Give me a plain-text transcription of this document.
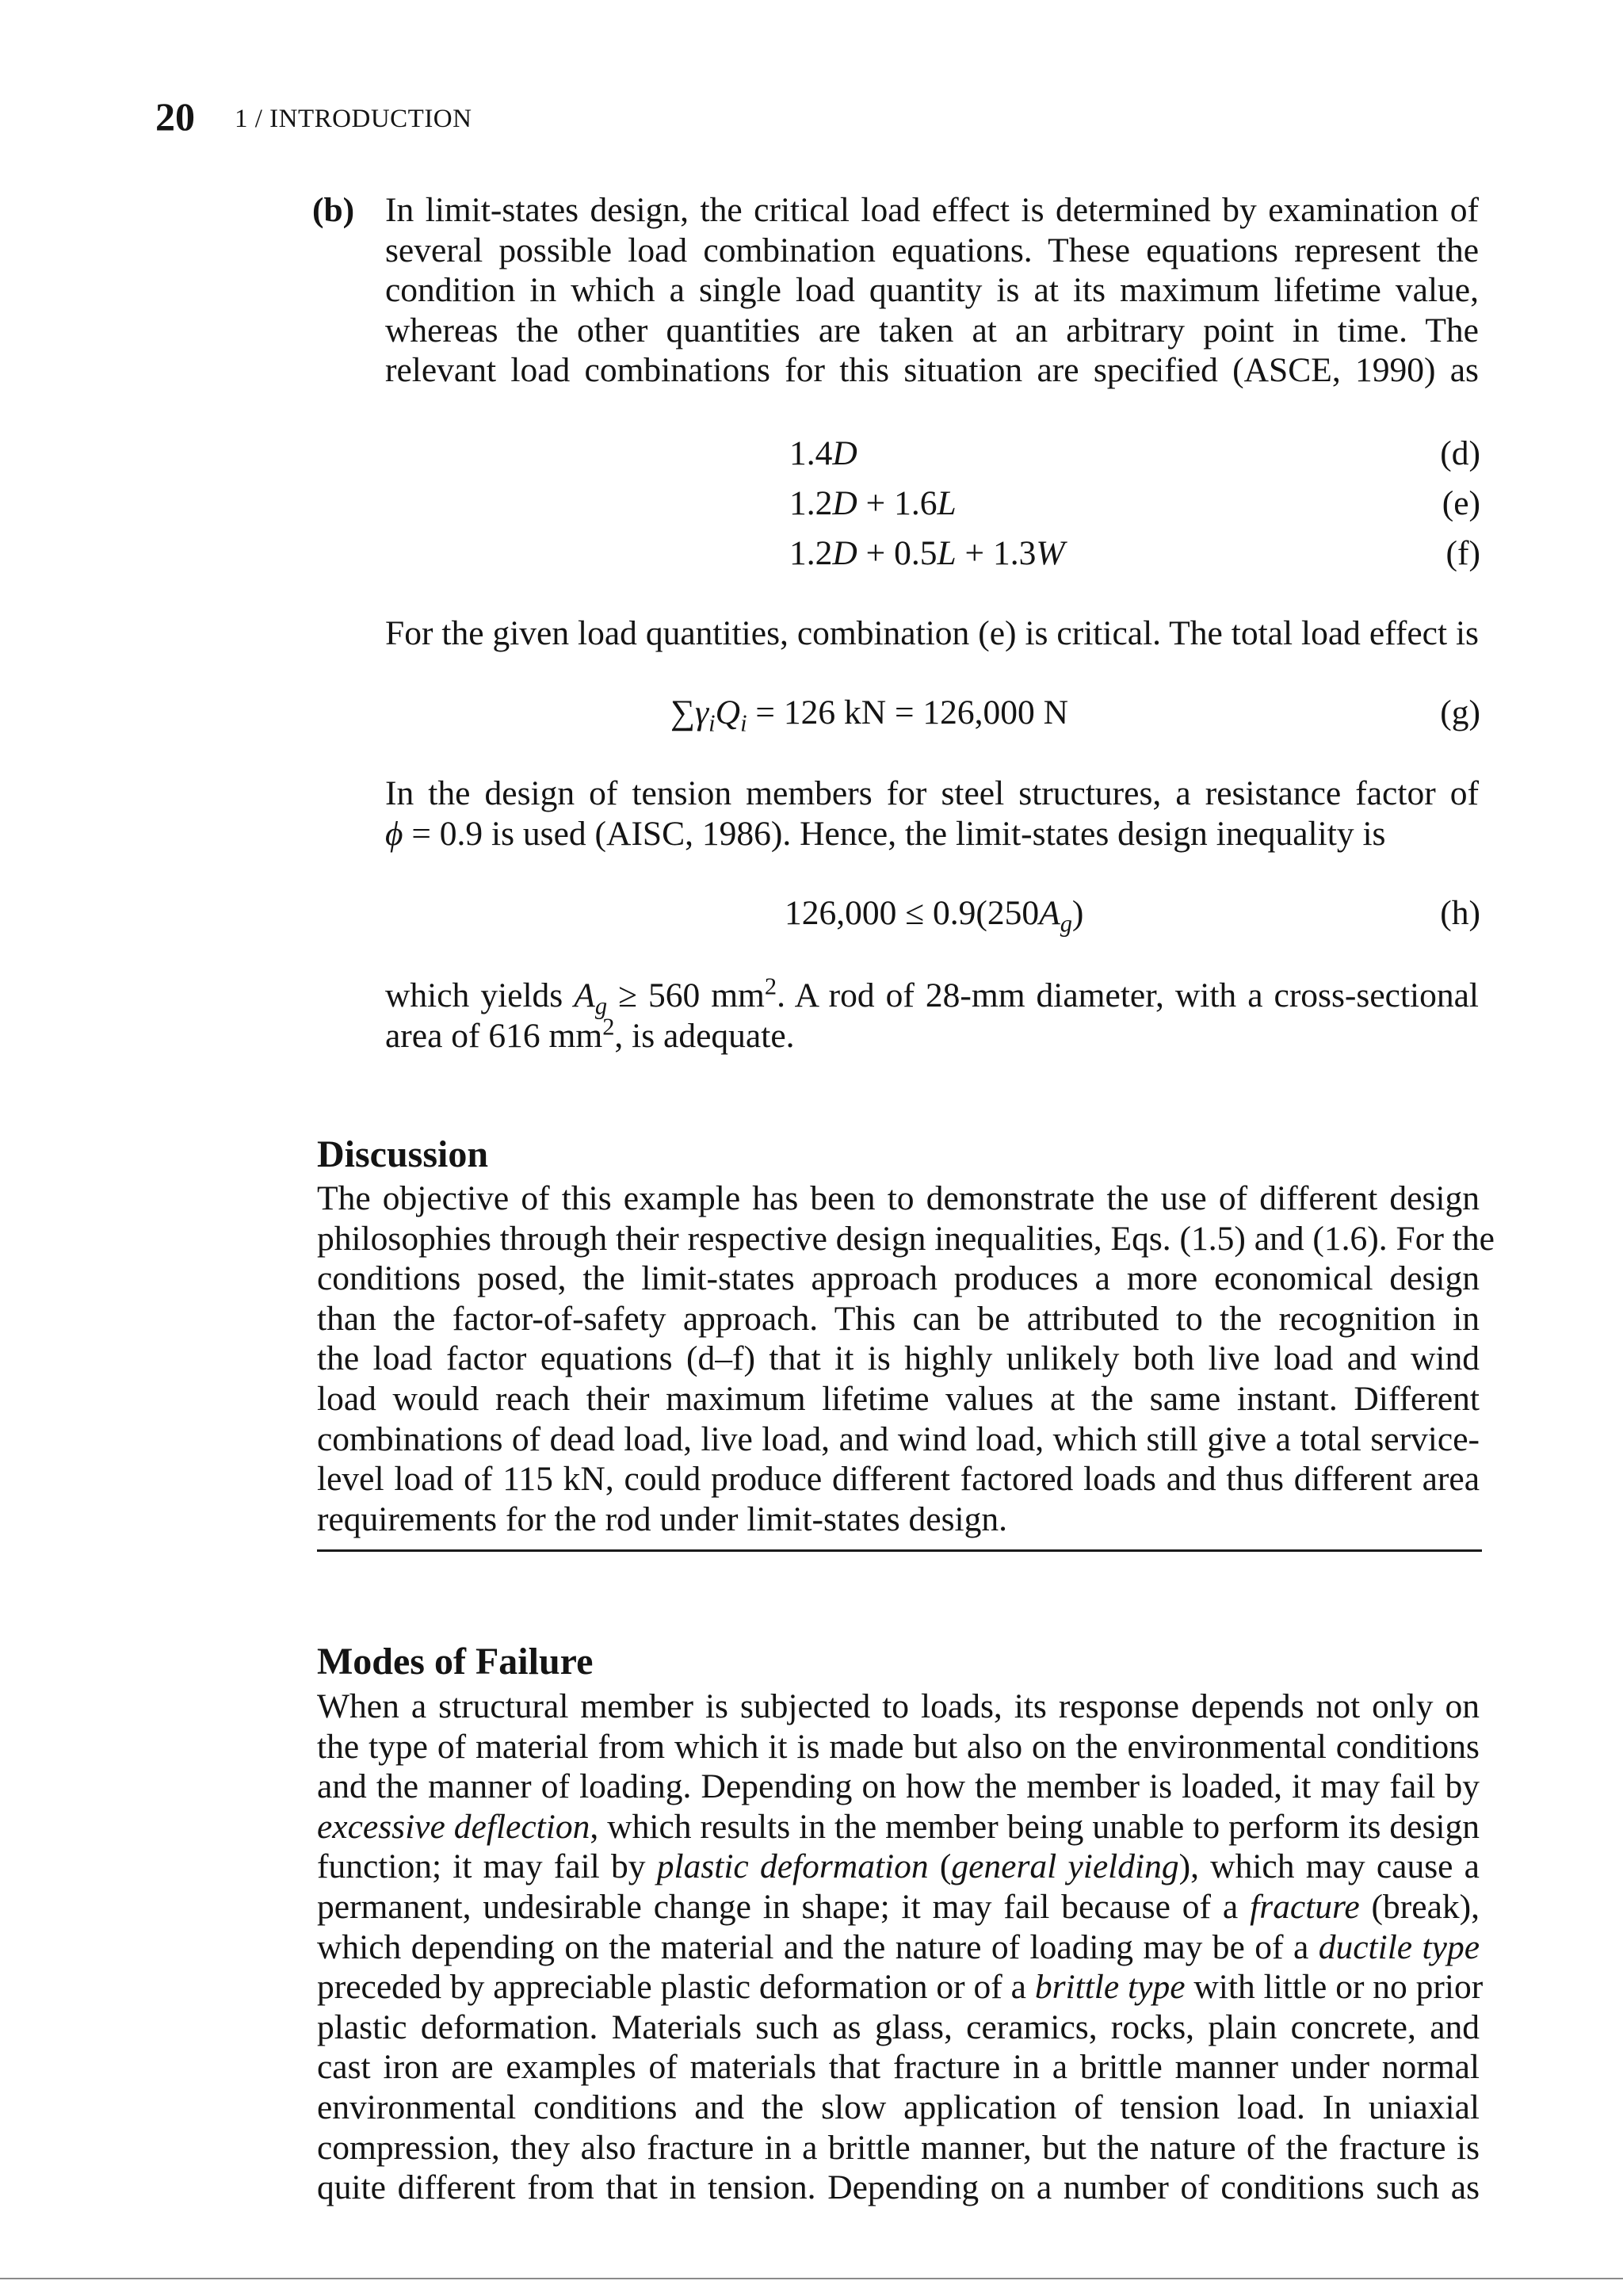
20 1 / INTRODUCTION
(b) In limit-states design, the critical load effect is determined by examination of
several possible load combination equations. These equations represent the
condition in which a single load quantity is at its maximum lifetime value,
whereas the other quantities are taken at an arbitrary point in time. The
relevant load combinations for this situation are specified (ASCE, 1990) as
1.4D	(d)
1.2D + 1.6L	(e)
1.2D + 0.5L + 1.3W	(f)
For the given load quantities, combination (e) is critical. The total load effect is
$\sum\gamma_iQ_i = 126$ kN = 126,000 N	(g)
In the design of tension members for steel structures, a resistance factor of
ϕ = 0.9 is used (AISC, 1986). Hence, the limit-states design inequality is
$126,000 \le 0.9(250A_g)$	(h)
which yields $A_g \ge 560$ $mm^2$. A rod of 28-mm diameter, with a cross-sectional
area of 616 $mm^2$, is adequate.
Discussion
The objective of this example has been to demonstrate the use of different design
philosophies through their respective design inequalities, Eqs. (1.5) and (1.6). For the
conditions posed, the limit-states approach produces a more economical design
than the factor-of-safety approach. This can be attributed to the recognition in
the load factor equations (d–f) that it is highly unlikely both live load and wind
load would reach their maximum lifetime values at the same instant. Different
combinations of dead load, live load, and wind load, which still give a total service-
level load of 115 kN, could produce different factored loads and thus different area
requirements for the rod under limit-states design.
Modes of Failure
When a structural member is subjected to loads, its response depends not only on
the type of material from which it is made but also on the environmental conditions
and the manner of loading. Depending on how the member is loaded, it may fail by
excessive deflection, which results in the member being unable to perform its design
function; it may fail by plastic deformation (general yielding), which may cause a
permanent, undesirable change in shape; it may fail because of a fracture (break),
which depending on the material and the nature of loading may be of a ductile type
preceded by appreciable plastic deformation or of a brittle type with little or no prior
plastic deformation. Materials such as glass, ceramics, rocks, plain concrete, and
cast iron are examples of materials that fracture in a brittle manner under normal
environmental conditions and the slow application of tension load. In uniaxial
compression, they also fracture in a brittle manner, but the nature of the fracture is
quite different from that in tension. Depending on a number of conditions such as
